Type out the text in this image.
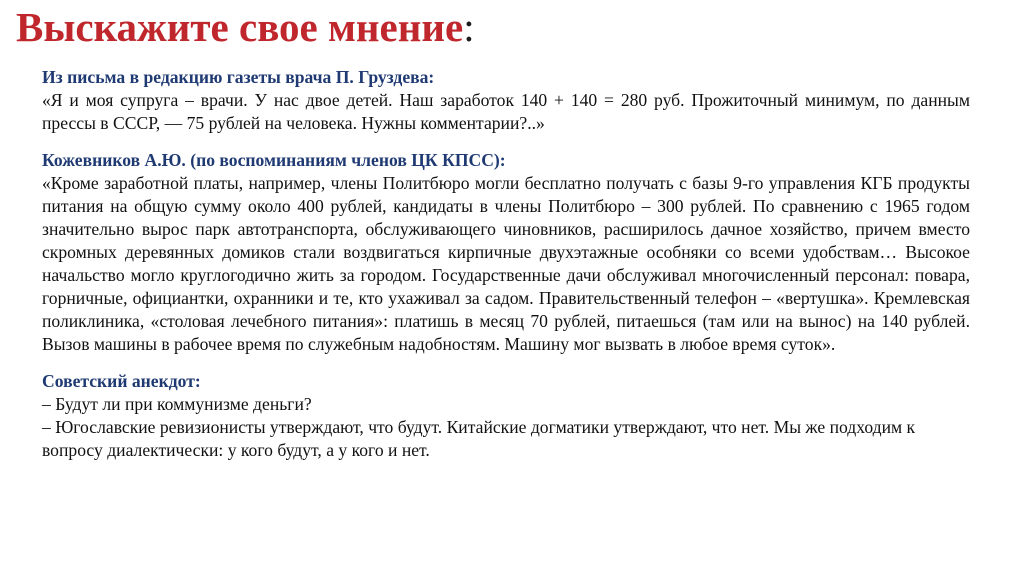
Выскажите свое мнение:

Из письма в редакцию газеты врача П. Груздева:

«Я и моя супруга – врачи. У нас двое детей. Наш заработок 140 + 140 = 280 руб. Прожиточный минимум, по данным прессы в СССР, — 75 рублей на человека. Нужны комментарии?..»

Кожевников А.Ю. (по воспоминаниям членов ЦК КПСС):

«Кроме заработной платы, например, члены Политбюро могли бесплатно получать с базы 9-го управления КГБ продукты питания на общую сумму около 400 рублей, кандидаты в члены Политбюро – 300 рублей. По сравнению с 1965 годом значительно вырос парк автотранспорта, обслуживающего чиновников, расширилось дачное хозяйство, причем вместо скромных деревянных домиков стали воздвигаться кирпичные двухэтажные особняки со всеми удобствам… Высокое начальство могло круглогодично жить за городом. Государственные дачи обслуживал многочисленный персонал: повара, горничные, официантки, охранники и те, кто ухаживал за садом. Правительственный телефон – «вертушка». Кремлевская поликлиника, «столовая лечебного питания»: платишь в месяц 70 рублей, питаешься (там или на вынос) на 140 рублей. Вызов машины в рабочее время по служебным надобностям. Машину мог вызвать в любое время суток».

Советский анекдот:

– Будут ли при коммунизме деньги?

– Югославские ревизионисты утверждают, что будут. Китайские догматики утверждают, что нет. Мы же подходим к вопросу диалектически: у кого будут, а у кого и нет.
